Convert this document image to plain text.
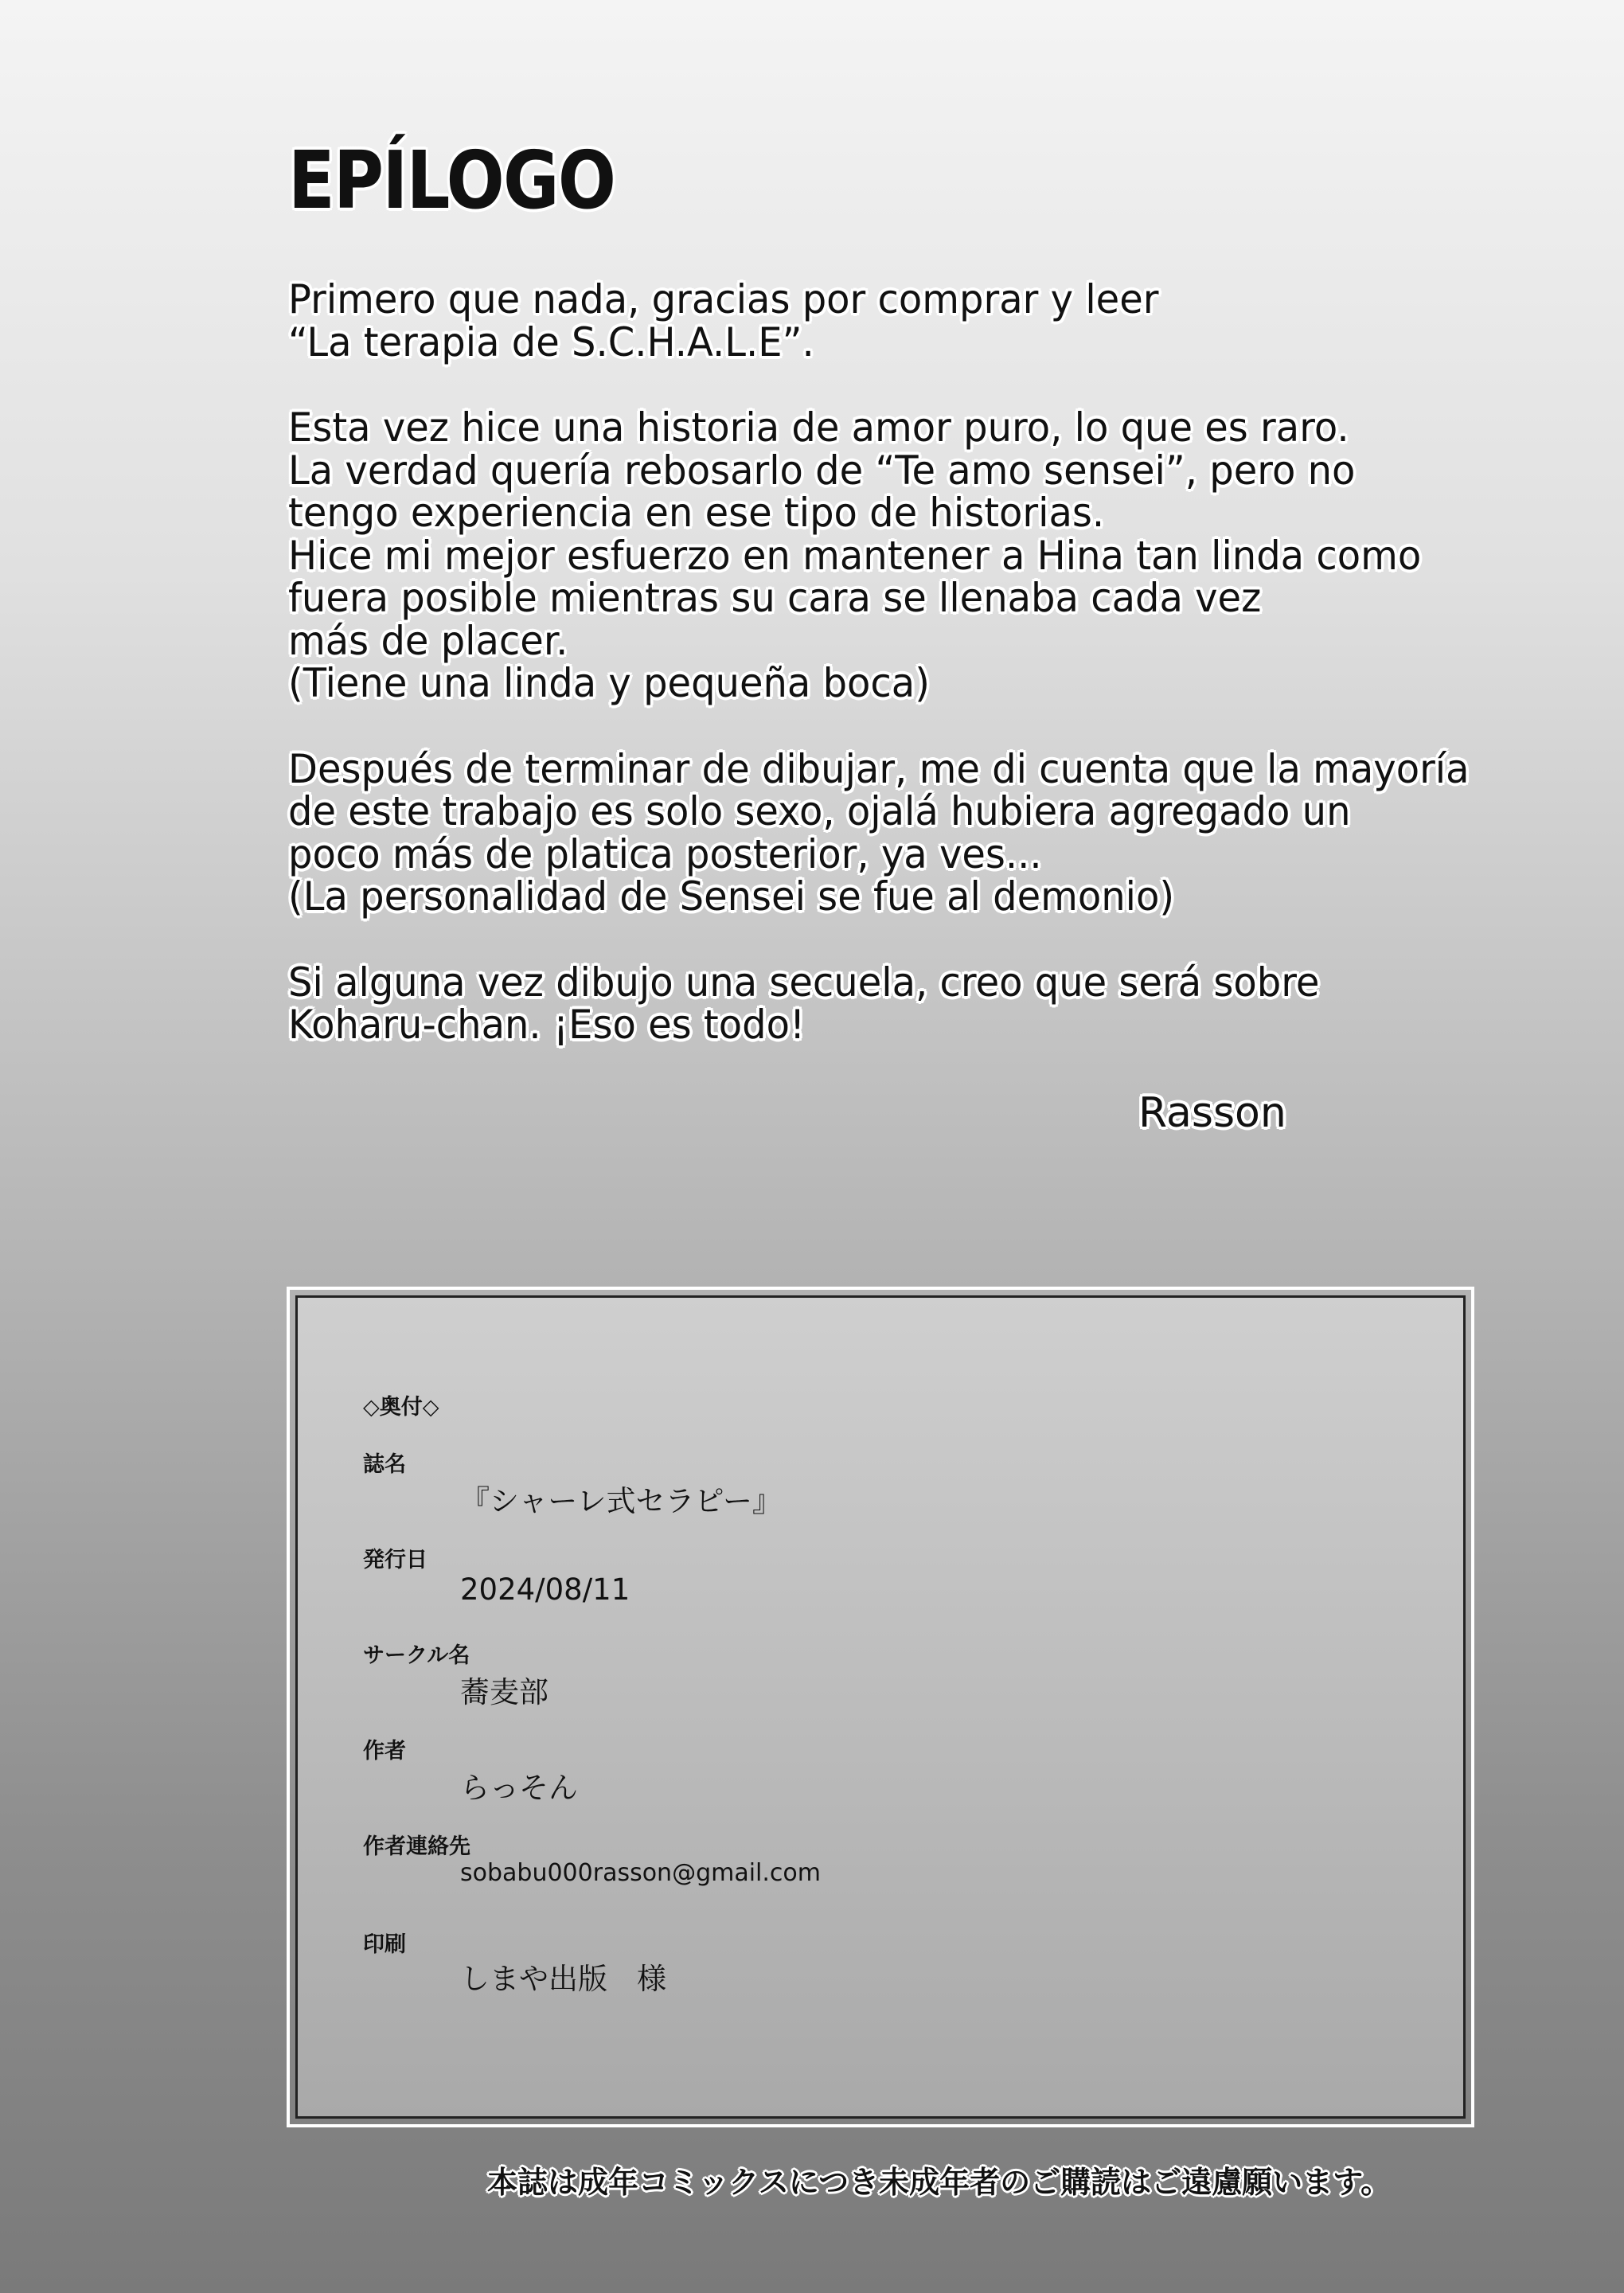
EPÍLOGO

Primero que nada, gracias por comprar y leer
“La terapia de S.C.H.A.L.E”.

Esta vez hice una historia de amor puro, lo que es raro.
La verdad quería rebosarlo de “Te amo sensei”, pero no
tengo experiencia en ese tipo de historias.
Hice mi mejor esfuerzo en mantener a Hina tan linda como
fuera posible mientras su cara se llenaba cada vez
más de placer.
(Tiene una linda y pequeña boca)

Después de terminar de dibujar, me di cuenta que la mayoría
de este trabajo es solo sexo, ojalá hubiera agregado un
poco más de platica posterior, ya ves...
(La personalidad de Sensei se fue al demonio)

Si alguna vez dibujo una secuela, creo que será sobre
Koharu-chan. ¡Eso es todo!

Rasson
◇奥付◇
誌名
『シャーレ式セラピー』
発行日
2024/08/11
サークル名
蕎麦部
作者
らっそん
作者連絡先
sobabu000rasson@gmail.com
印刷
しまや出版　様

本誌は成年コミックスにつき未成年者のご購読はご遠慮願います。
